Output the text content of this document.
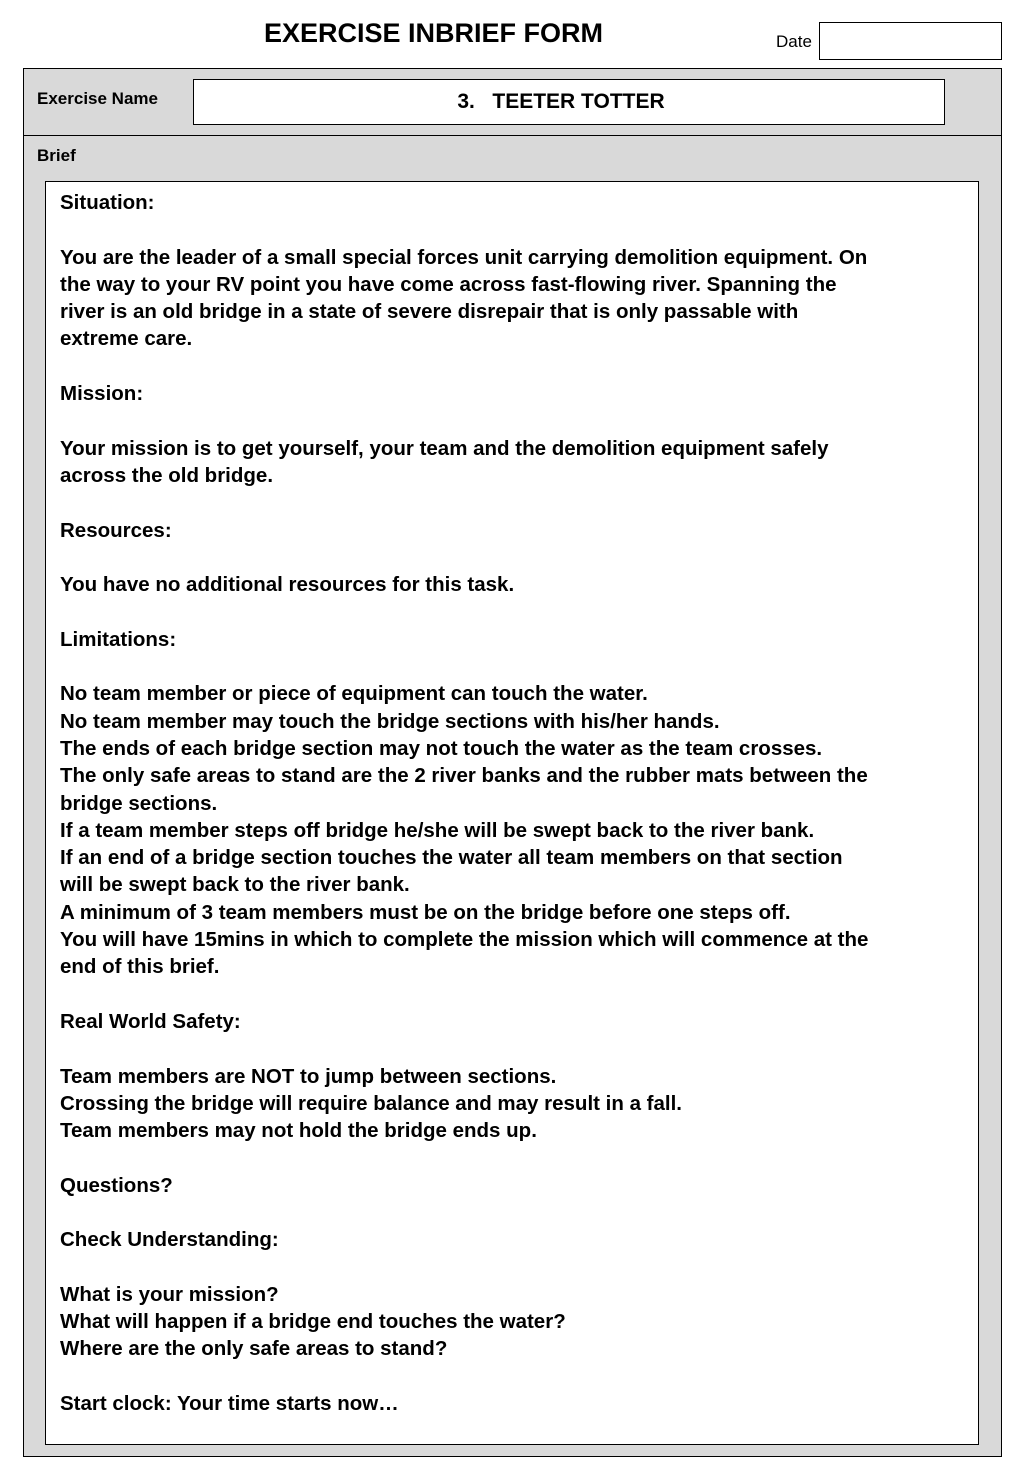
EXERCISE INBRIEF FORM	Date
Exercise Name	3.   TEETER TOTTER
Brief
Situation:
You are the leader of a small special forces unit carrying demolition equipment. On
the way to your RV point you have come across fast-flowing river. Spanning the
river is an old bridge in a state of severe disrepair that is only passable with
extreme care.
Mission:
Your mission is to get yourself, your team and the demolition equipment safely
across the old bridge.
Resources:
You have no additional resources for this task.
Limitations:
No team member or piece of equipment can touch the water.
No team member may touch the bridge sections with his/her hands.
The ends of each bridge section may not touch the water as the team crosses.
The only safe areas to stand are the 2 river banks and the rubber mats between the
bridge sections.
If a team member steps off bridge he/she will be swept back to the river bank.
If an end of a bridge section touches the water all team members on that section
will be swept back to the river bank.
A minimum of 3 team members must be on the bridge before one steps off.
You will have 15mins in which to complete the mission which will commence at the
end of this brief.
Real World Safety:
Team members are NOT to jump between sections.
Crossing the bridge will require balance and may result in a fall.
Team members may not hold the bridge ends up.
Questions?
Check Understanding:
What is your mission?
What will happen if a bridge end touches the water?
Where are the only safe areas to stand?
Start clock: Your time starts now…
